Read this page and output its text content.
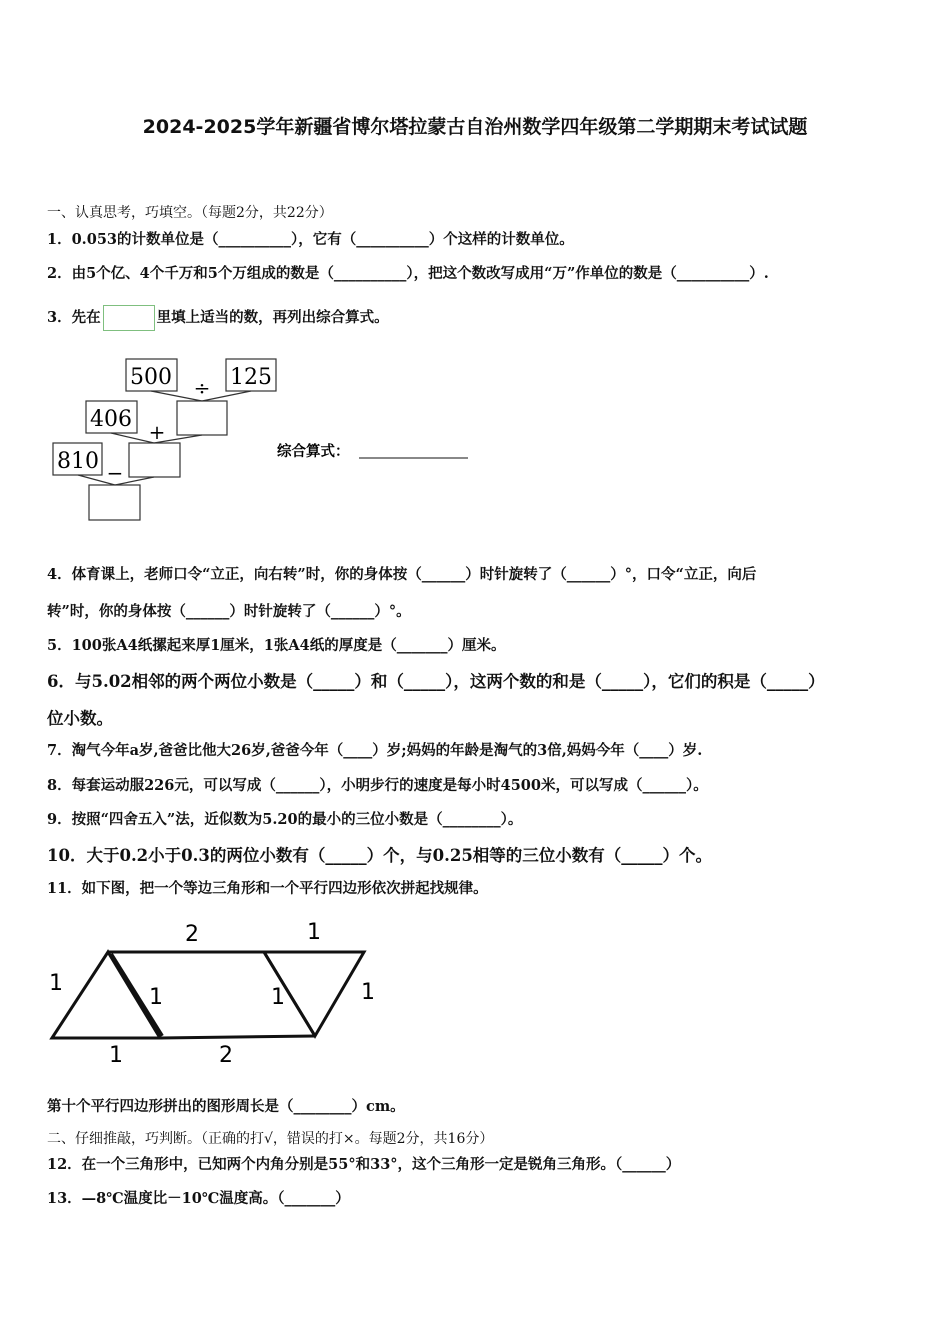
2024-2025学年新疆省博尔塔拉蒙古自治州数学四年级第二学期期末考试试题
一、认真思考，巧填空。（每题2分，共22分）
1．0.053的计数单位是（__________），它有（__________）个这样的计数单位。
2．由5个亿、4个千万和5个万组成的数是（__________），把这个数改写成用“万”作单位的数是（__________）.
3．先在	里填上适当的数，再列出综合算式。
500	125
÷
406 +
810 −
综合算式：
4．体育课上，老师口令“立正，向右转”时，你的身体按（______）时针旋转了（______）°，口令“立正，向后
转”时，你的身体按（______）时针旋转了（______）°。
5．100张A4纸摞起来厚1厘米，1张A4纸的厚度是（_______）厘米。
6．与5.02相邻的两个两位小数是（_____）和（_____），这两个数的和是（_____），它们的积是（_____）
位小数。
7．淘气今年a岁,爸爸比他大26岁,爸爸今年（____）岁;妈妈的年龄是淘气的3倍,妈妈今年（____）岁.
8．每套运动服226元，可以写成（______），小明步行的速度是每小时4500米，可以写成（______）。
9．按照“四舍五入”法，近似数为5.20的最小的三位小数是（________）。
10．大于0.2小于0.3的两位小数有（_____）个，与0.25相等的三位小数有（_____）个。
11．如下图，把一个等边三角形和一个平行四边形依次拼起找规律。
2	1
1
1	1	1
1	2
第十个平行四边形拼出的图形周长是（________）cm。
二、仔细推敲，巧判断。（正确的打√，错误的打×。每题2分，共16分）
12．在一个三角形中，已知两个内角分别是55°和33°，这个三角形一定是锐角三角形。（______）
13．—8℃温度比－10℃温度高。（_______）
